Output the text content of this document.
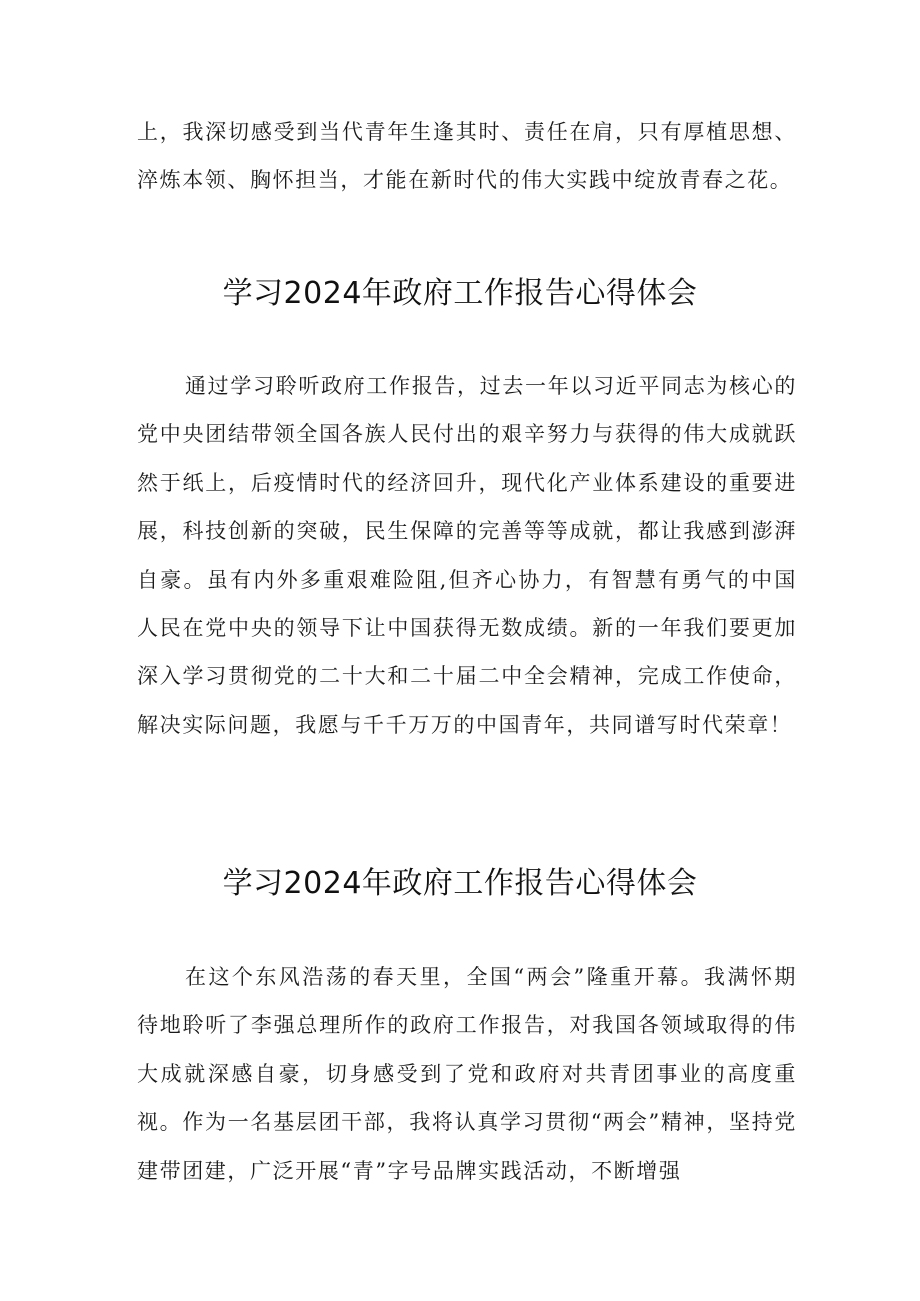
上，我深切感受到当代青年生逢其时、责任在肩，只有厚植思想、淬炼本领、胸怀担当，才能在新时代的伟大实践中绽放青春之花。

学习2024年政府工作报告心得体会

通过学习聆听政府工作报告，过去一年以习近平同志为核心的党中央团结带领全国各族人民付出的艰辛努力与获得的伟大成就跃然于纸上，后疫情时代的经济回升，现代化产业体系建设的重要进展，科技创新的突破，民生保障的完善等等成就，都让我感到澎湃自豪。虽有内外多重艰难险阻,但齐心协力，有智慧有勇气的中国人民在党中央的领导下让中国获得无数成绩。新的一年我们要更加深入学习贯彻党的二十大和二十届二中全会精神，完成工作使命，解决实际问题，我愿与千千万万的中国青年，共同谱写时代荣章！

学习2024年政府工作报告心得体会

在这个东风浩荡的春天里，全国“两会”隆重开幕。我满怀期待地聆听了李强总理所作的政府工作报告，对我国各领域取得的伟大成就深感自豪，切身感受到了党和政府对共青团事业的高度重视。作为一名基层团干部，我将认真学习贯彻“两会”精神，坚持党建带团建，广泛开展“青”字号品牌实践活动，不断增强
